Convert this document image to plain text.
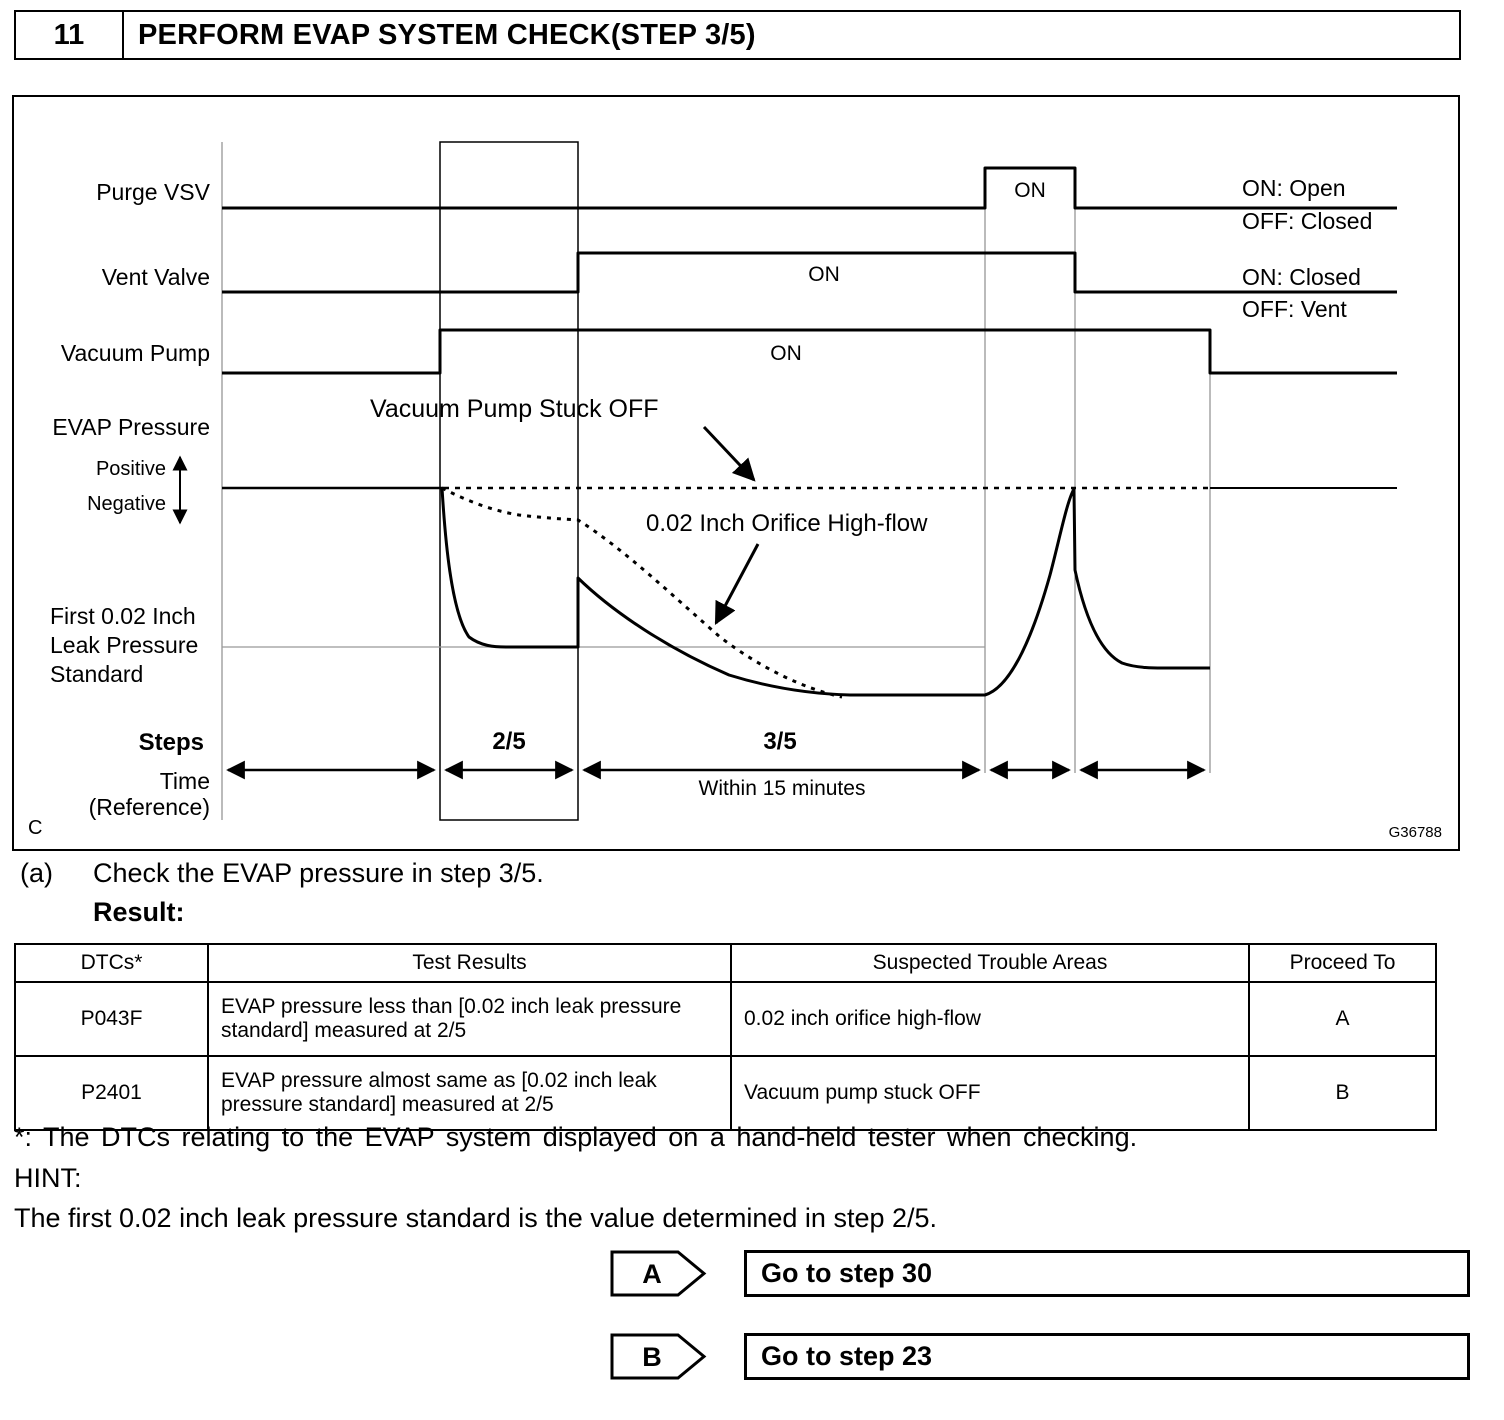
11	PERFORM EVAP SYSTEM CHECK(STEP 3/5)
Purge VSV
Vent Valve
Vacuum Pump
EVAP Pressure
Positive
Negative
First 0.02 Inch
Leak Pressure
Standard
ON
ON
ON
ON: Open
OFF: Closed
ON: Closed
OFF: Vent
Vacuum Pump Stuck OFF
0.02 Inch Orifice High-flow
Steps	2/5	3/5
Time
(Reference)
Within 15 minutes
C	G36788
(a) Check the EVAP pressure in step 3/5.
Result:
DTCs*	Test Results	Suspected Trouble Areas	Proceed To
P043F	EVAP pressure less than [0.02 inch leak pressure standard] measured at 2/5	0.02 inch orifice high-flow	A
P2401	EVAP pressure almost same as [0.02 inch leak pressure standard] measured at 2/5	Vacuum pump stuck OFF	B
*: The DTCs relating to the EVAP system displayed on a hand-held tester when checking.
HINT:
The first 0.02 inch leak pressure standard is the value determined in step 2/5.
A	Go to step 30
B	Go to step 23
